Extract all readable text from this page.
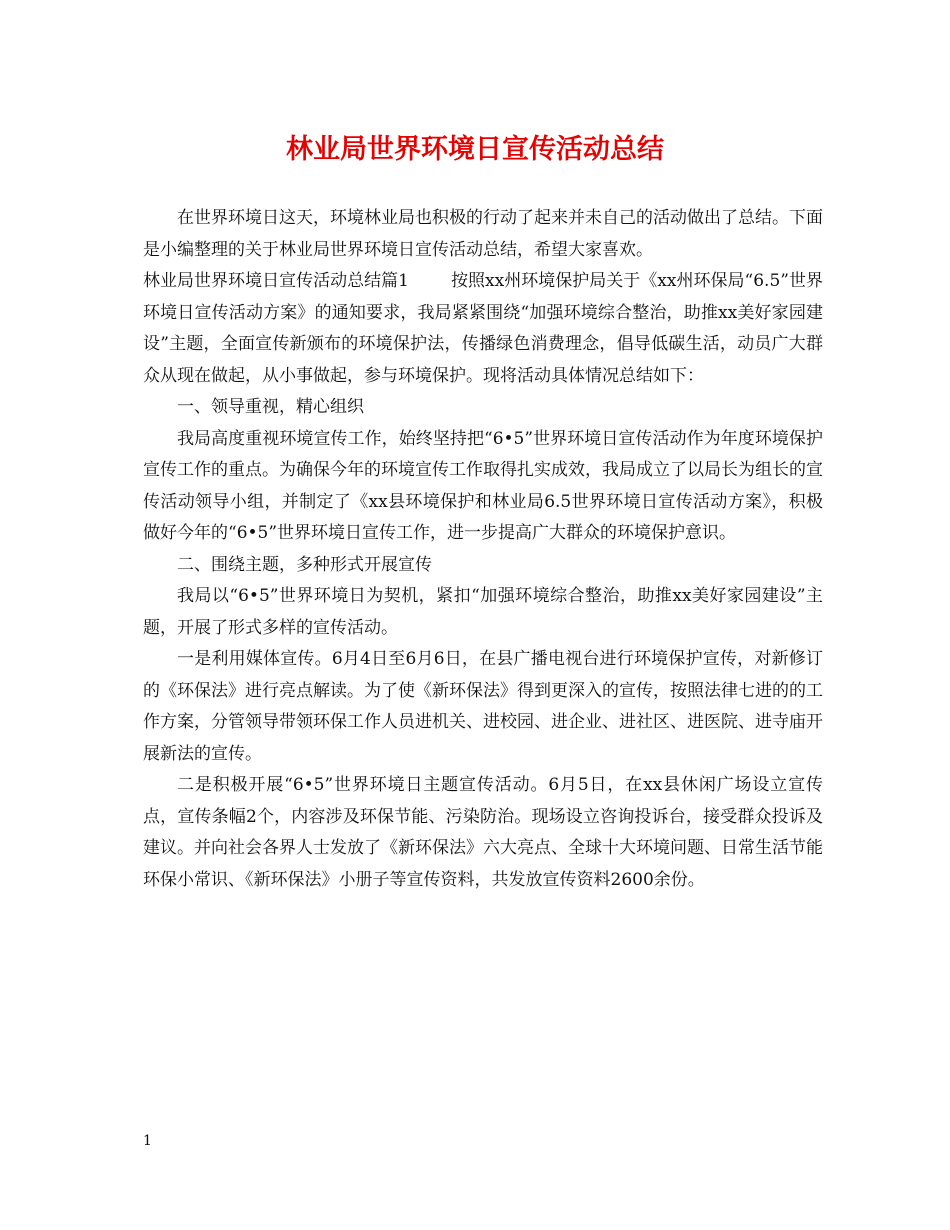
林业局世界环境日宣传活动总结

在世界环境日这天，环境林业局也积极的行动了起来并未自己的活动做出了总结。下面是小编整理的关于林业局世界环境日宣传活动总结，希望大家喜欢。

林业局世界环境日宣传活动总结篇1 按照xx州环境保护局关于《xx州环保局“6.5”世界环境日宣传活动方案》的通知要求，我局紧紧围绕“加强环境综合整治，助推xx美好家园建设”主题，全面宣传新颁布的环境保护法，传播绿色消费理念，倡导低碳生活，动员广大群众从现在做起，从小事做起，参与环境保护。现将活动具体情况总结如下：

一、领导重视，精心组织

我局高度重视环境宣传工作，始终坚持把“6•5”世界环境日宣传活动作为年度环境保护宣传工作的重点。为确保今年的环境宣传工作取得扎实成效，我局成立了以局长为组长的宣传活动领导小组，并制定了《xx县环境保护和林业局6.5世界环境日宣传活动方案》，积极做好今年的“6•5”世界环境日宣传工作，进一步提高广大群众的环境保护意识。

二、围绕主题，多种形式开展宣传

我局以“6•5”世界环境日为契机，紧扣“加强环境综合整治，助推xx美好家园建设”主题，开展了形式多样的宣传活动。

一是利用媒体宣传。6月4日至6月6日，在县广播电视台进行环境保护宣传，对新修订的《环保法》进行亮点解读。为了使《新环保法》得到更深入的宣传，按照法律七进的的工作方案，分管领导带领环保工作人员进机关、进校园、进企业、进社区、进医院、进寺庙开展新法的宣传。

二是积极开展“6•5”世界环境日主题宣传活动。6月5日，在xx县休闲广场设立宣传点，宣传条幅2个，内容涉及环保节能、污染防治。现场设立咨询投诉台，接受群众投诉及建议。并向社会各界人士发放了《新环保法》六大亮点、全球十大环境问题、日常生活节能环保小常识、《新环保法》小册子等宣传资料，共发放宣传资料2600余份。

1
